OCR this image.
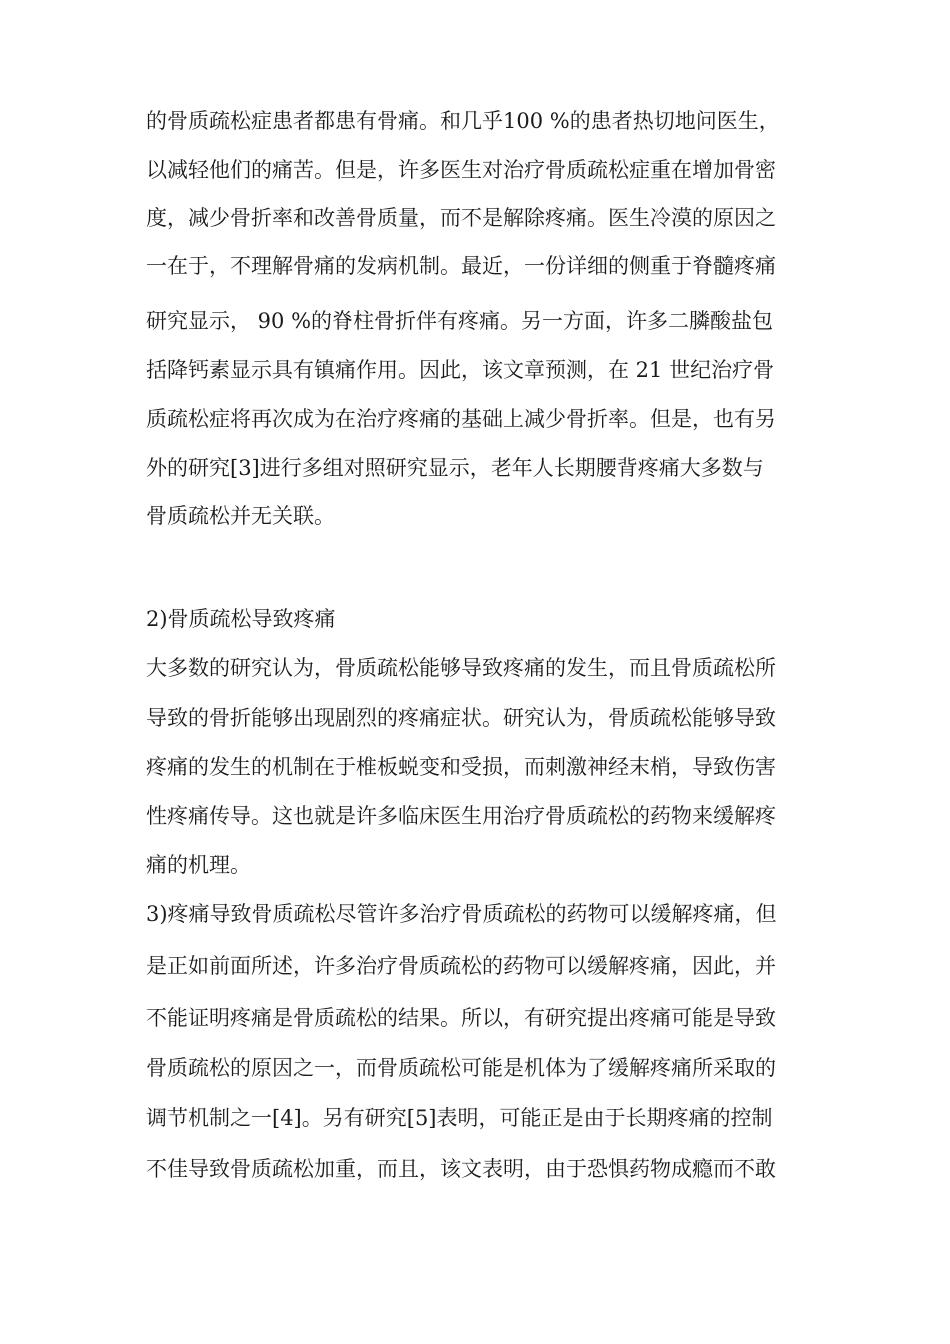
的骨质疏松症患者都患有骨痛。和几乎100 %的患者热切地问医生，
以减轻他们的痛苦。但是，许多医生对治疗骨质疏松症重在增加骨密
度，减少骨折率和改善骨质量，而不是解除疼痛。医生冷漠的原因之
一在于，不理解骨痛的发病机制。最近，一份详细的侧重于脊髓疼痛
研究显示， 90 %的脊柱骨折伴有疼痛。另一方面，许多二膦酸盐包
括降钙素显示具有镇痛作用。因此，该文章预测，在 21 世纪治疗骨
质疏松症将再次成为在治疗疼痛的基础上减少骨折率。但是，也有另
外的研究[3]进行多组对照研究显示，老年人长期腰背疼痛大多数与
骨质疏松并无关联。
2)骨质疏松导致疼痛
大多数的研究认为，骨质疏松能够导致疼痛的发生，而且骨质疏松所
导致的骨折能够出现剧烈的疼痛症状。研究认为，骨质疏松能够导致
疼痛的发生的机制在于椎板蜕变和受损，而刺激神经末梢，导致伤害
性疼痛传导。这也就是许多临床医生用治疗骨质疏松的药物来缓解疼
痛的机理。
3)疼痛导致骨质疏松尽管许多治疗骨质疏松的药物可以缓解疼痛，但
是正如前面所述，许多治疗骨质疏松的药物可以缓解疼痛，因此，并
不能证明疼痛是骨质疏松的结果。所以，有研究提出疼痛可能是导致
骨质疏松的原因之一，而骨质疏松可能是机体为了缓解疼痛所采取的
调节机制之一[4]。另有研究[5]表明，可能正是由于长期疼痛的控制
不佳导致骨质疏松加重，而且，该文表明，由于恐惧药物成瘾而不敢
